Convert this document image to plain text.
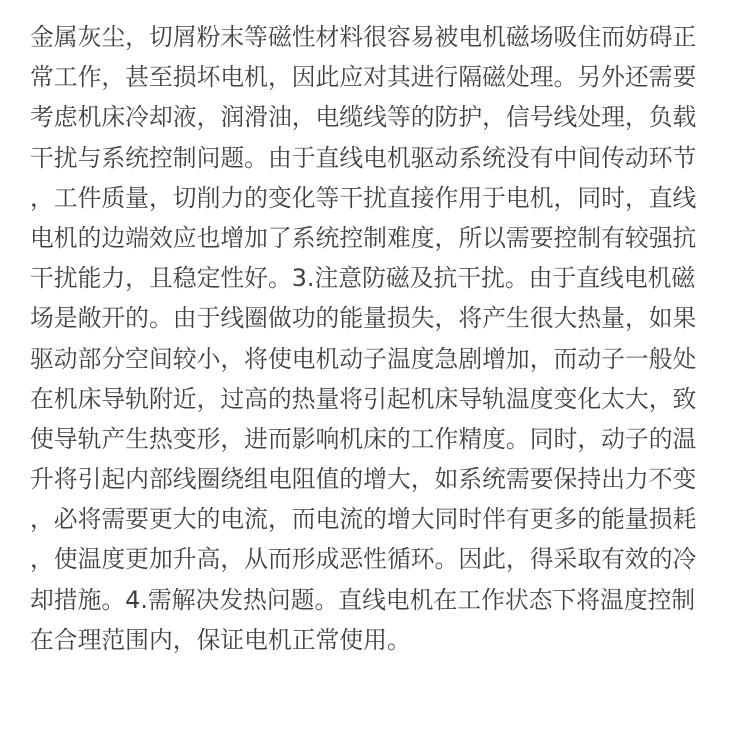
金属灰尘，切屑粉末等磁性材料很容易被电机磁场吸住而妨碍正
常工作，甚至损坏电机，因此应对其进行隔磁处理。另外还需要
考虑机床冷却液，润滑油，电缆线等的防护，信号线处理，负载
干扰与系统控制问题。由于直线电机驱动系统没有中间传动环节
，工件质量，切削力的变化等干扰直接作用于电机，同时，直线
电机的边端效应也增加了系统控制难度，所以需要控制有较强抗
干扰能力，且稳定性好。3.注意防磁及抗干扰。由于直线电机磁
场是敞开的。由于线圈做功的能量损失，将产生很大热量，如果
驱动部分空间较小，将使电机动子温度急剧增加，而动子一般处
在机床导轨附近，过高的热量将引起机床导轨温度变化太大，致
使导轨产生热变形，进而影响机床的工作精度。同时，动子的温
升将引起内部线圈绕组电阻值的增大，如系统需要保持出力不变
，必将需要更大的电流，而电流的增大同时伴有更多的能量损耗
，使温度更加升高，从而形成恶性循环。因此，得采取有效的冷
却措施。4.需解决发热问题。直线电机在工作状态下将温度控制
在合理范围内，保证电机正常使用。
